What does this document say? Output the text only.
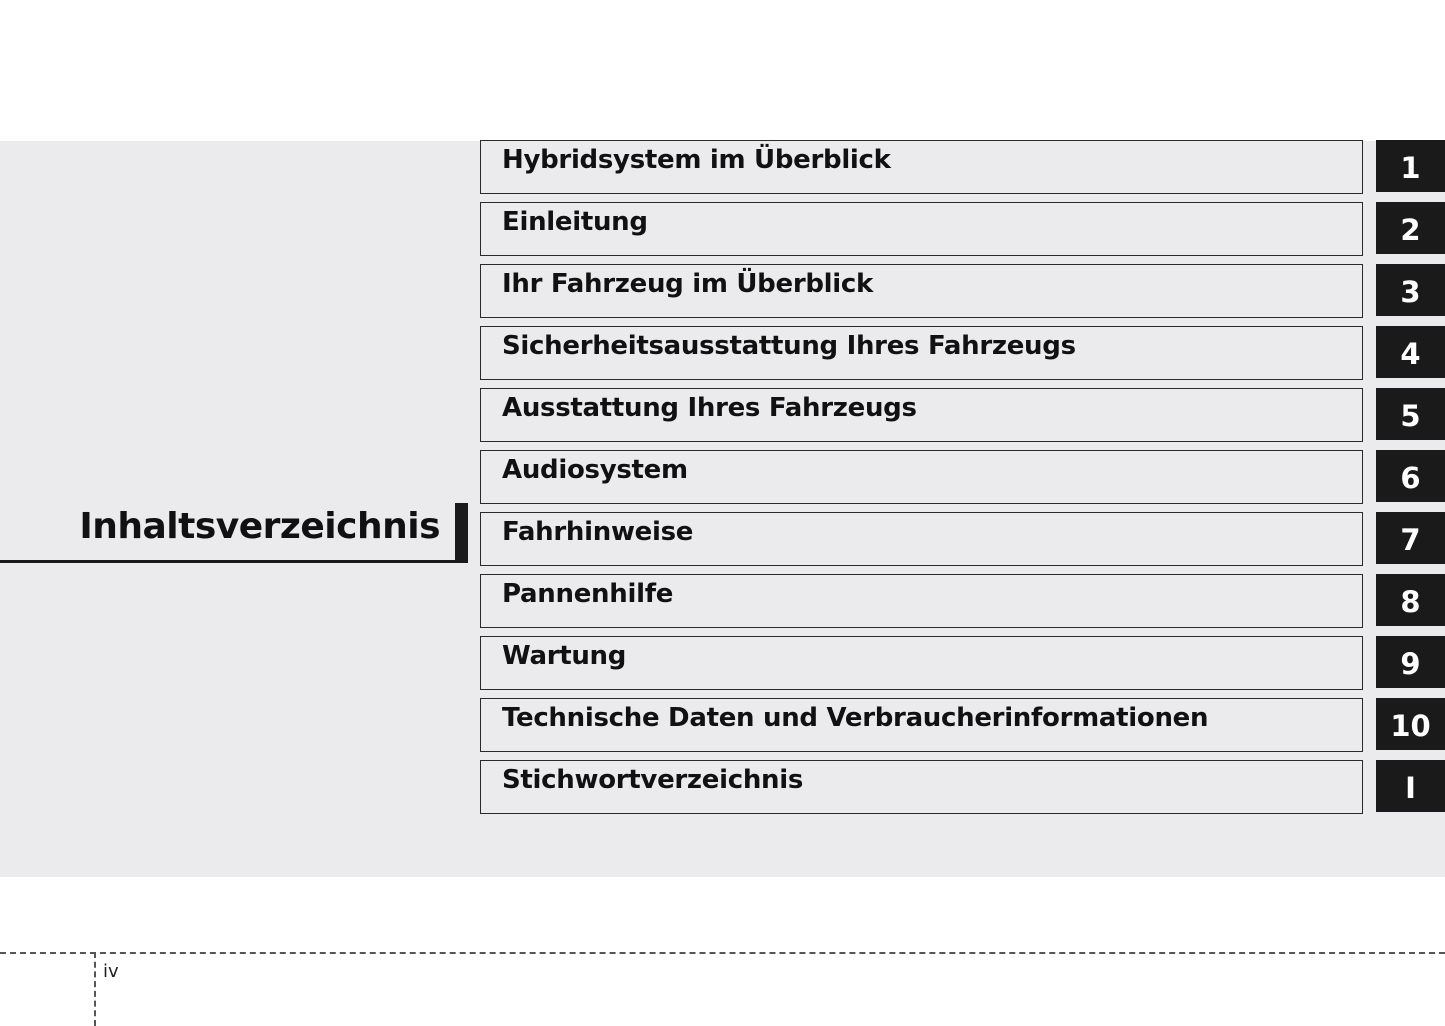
Inhaltsverzeichnis
Hybridsystem im Überblick	1
Einleitung	2
Ihr Fahrzeug im Überblick	3
Sicherheitsausstattung Ihres Fahrzeugs	4
Ausstattung Ihres Fahrzeugs	5
Audiosystem	6
Fahrhinweise	7
Pannenhilfe	8
Wartung	9
Technische Daten und Verbraucherinformationen	10
Stichwortverzeichnis	I
iv
